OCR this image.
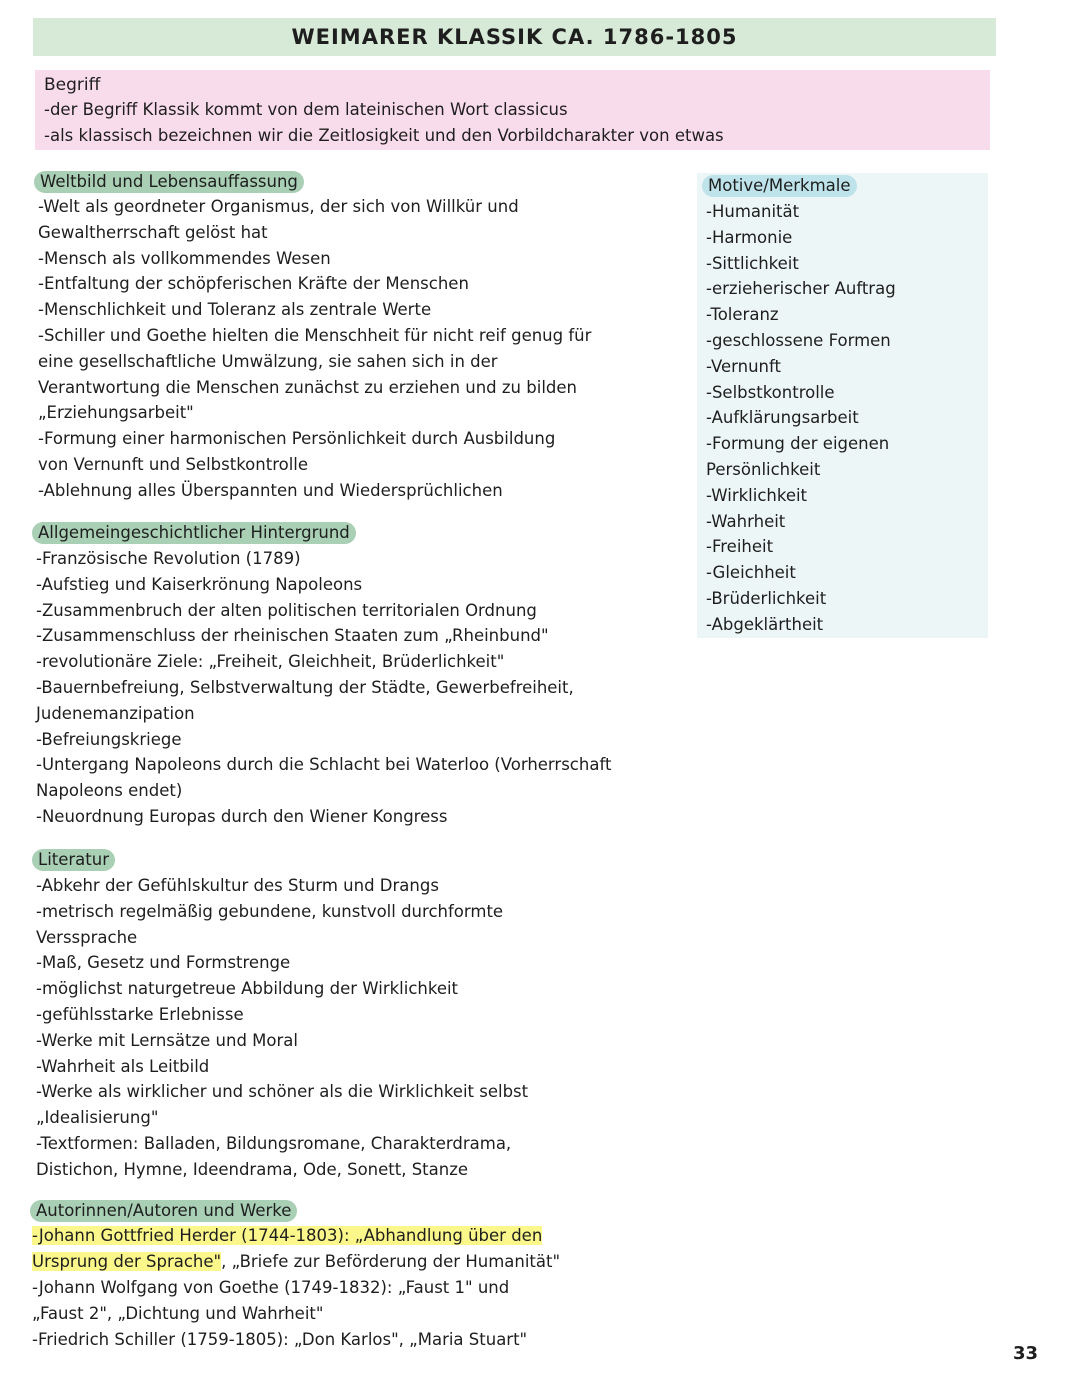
WEIMARER KLASSIK CA. 1786-1805
Begriff
-der Begriff Klassik kommt von dem lateinischen Wort classicus
-als klassisch bezeichnen wir die Zeitlosigkeit und den Vorbildcharakter von etwas
Weltbild und Lebensauffassung
-Welt als geordneter Organismus, der sich von Willkür und
Gewaltherrschaft gelöst hat
-Mensch als vollkommendes Wesen
-Entfaltung der schöpferischen Kräfte der Menschen
-Menschlichkeit und Toleranz als zentrale Werte
-Schiller und Goethe hielten die Menschheit für nicht reif genug für
eine gesellschaftliche Umwälzung, sie sahen sich in der
Verantwortung die Menschen zunächst zu erziehen und zu bilden
„Erziehungsarbeit"
-Formung einer harmonischen Persönlichkeit durch Ausbildung
von Vernunft und Selbstkontrolle
-Ablehnung alles Überspannten und Wiedersprüchlichen
Motive/Merkmale
-Humanität
-Harmonie
-Sittlichkeit
-erzieherischer Auftrag
-Toleranz
-geschlossene Formen
-Vernunft
-Selbstkontrolle
-Aufklärungsarbeit
-Formung der eigenen
Persönlichkeit
-Wirklichkeit
-Wahrheit
-Freiheit
-Gleichheit
-Brüderlichkeit
-Abgeklärtheit
Allgemeingeschichtlicher Hintergrund
-Französische Revolution (1789)
-Aufstieg und Kaiserkrönung Napoleons
-Zusammenbruch der alten politischen territorialen Ordnung
-Zusammenschluss der rheinischen Staaten zum „Rheinbund"
-revolutionäre Ziele: „Freiheit, Gleichheit, Brüderlichkeit"
-Bauernbefreiung, Selbstverwaltung der Städte, Gewerbefreiheit,
Judenemanzipation
-Befreiungskriege
-Untergang Napoleons durch die Schlacht bei Waterloo (Vorherrschaft
Napoleons endet)
-Neuordnung Europas durch den Wiener Kongress
Literatur
-Abkehr der Gefühlskultur des Sturm und Drangs
-metrisch regelmäßig gebundene, kunstvoll durchformte
Verssprache
-Maß, Gesetz und Formstrenge
-möglichst naturgetreue Abbildung der Wirklichkeit
-gefühlsstarke Erlebnisse
-Werke mit Lernsätze und Moral
-Wahrheit als Leitbild
-Werke als wirklicher und schöner als die Wirklichkeit selbst
„Idealisierung"
-Textformen: Balladen, Bildungsromane, Charakterdrama,
Distichon, Hymne, Ideendrama, Ode, Sonett, Stanze
Autorinnen/Autoren und Werke
-Johann Gottfried Herder (1744-1803): „Abhandlung über den
Ursprung der Sprache", „Briefe zur Beförderung der Humanität"
-Johann Wolfgang von Goethe (1749-1832): „Faust 1" und
„Faust 2", „Dichtung und Wahrheit"
-Friedrich Schiller (1759-1805): „Don Karlos", „Maria Stuart"
33
